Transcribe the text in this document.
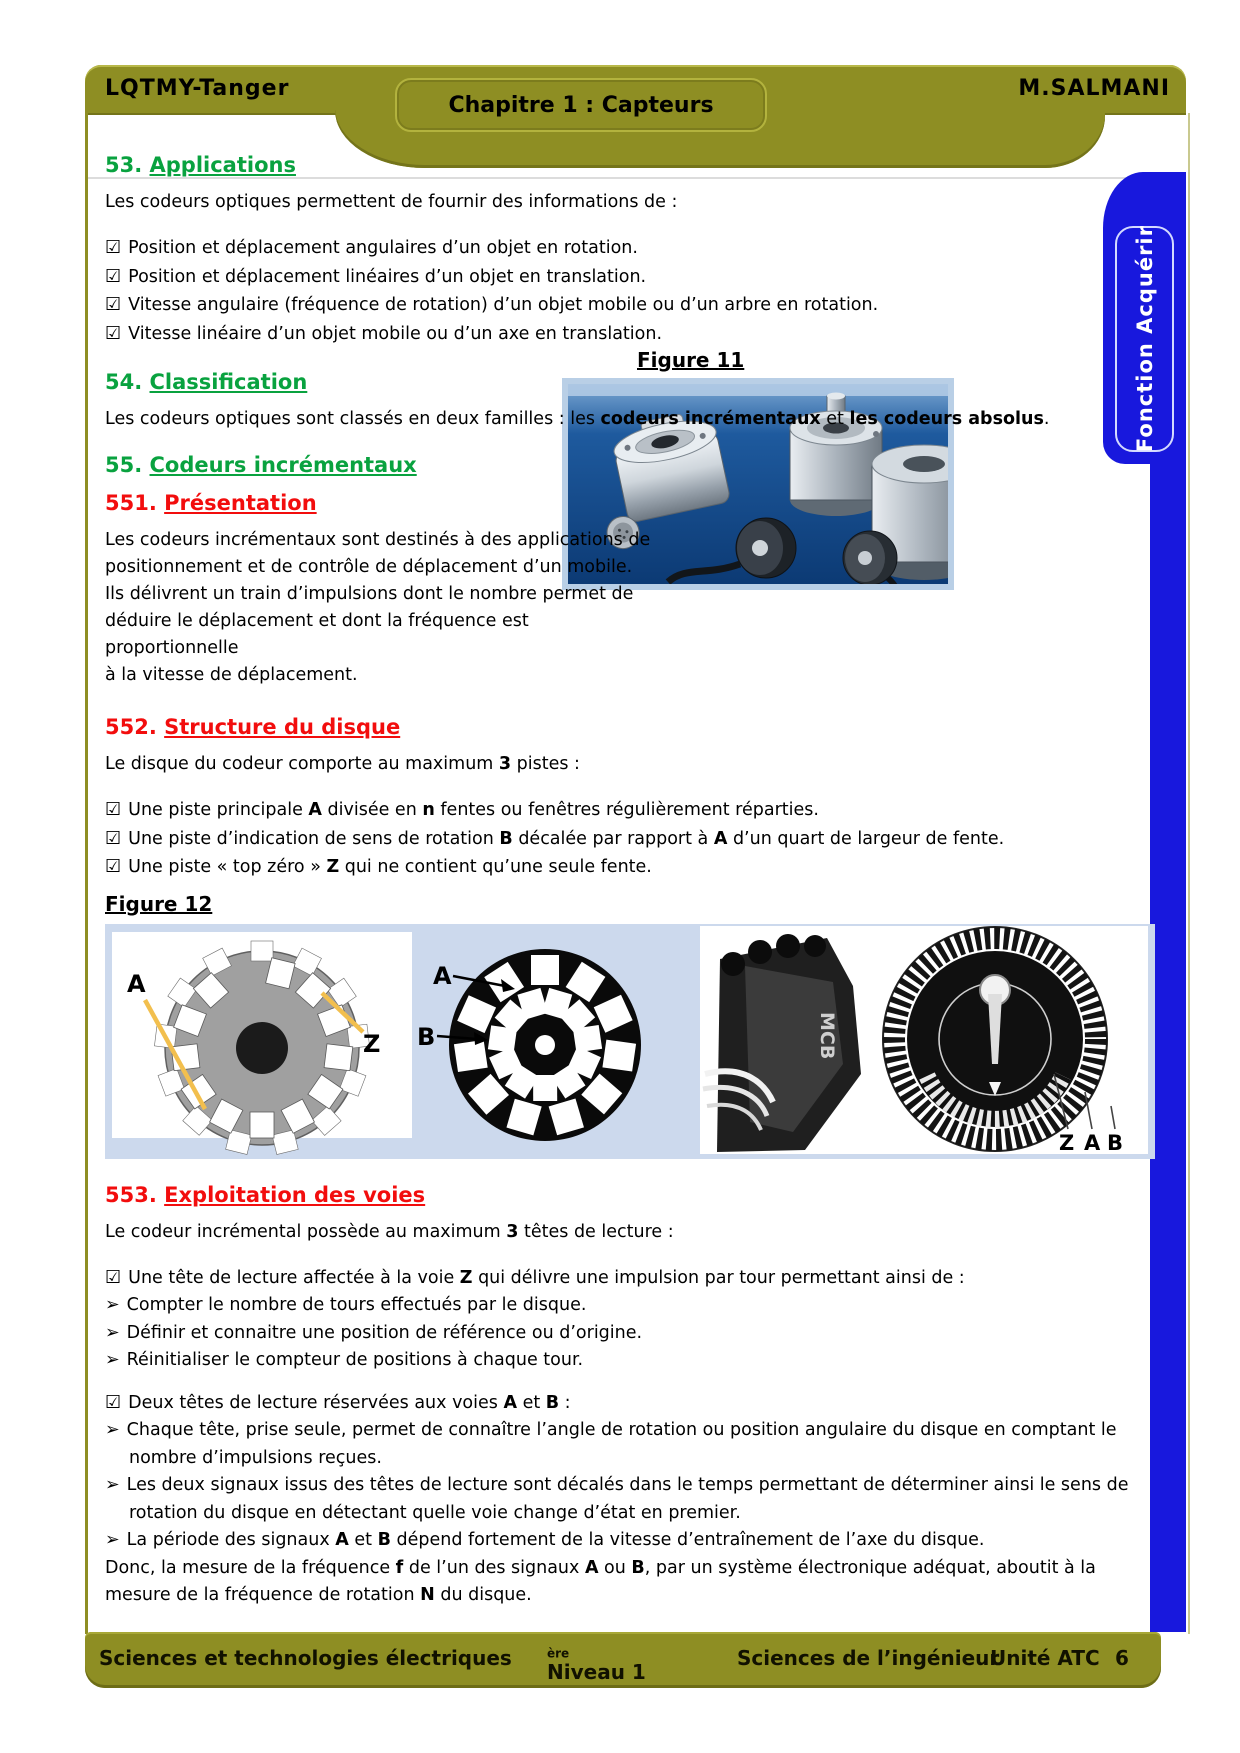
LQTMY-Tanger	M.SALMANI
Chapitre 1 : Capteurs
Fonction Acquérir
Figure 11
53. Applications
Les codeurs optiques permettent de fournir des informations de :
☑ Position et déplacement angulaires d’un objet en rotation.
☑ Position et déplacement linéaires d’un objet en translation.
☑ Vitesse angulaire (fréquence de rotation) d’un objet mobile ou d’un arbre en rotation.
☑ Vitesse linéaire d’un objet mobile ou d’un axe en translation.
54. Classification
Les codeurs optiques sont classés en deux familles : les codeurs incrémentaux et les codeurs absolus.
55. Codeurs incrémentaux
551. Présentation
Les codeurs incrémentaux sont destinés à des applications de
positionnement et de contrôle de déplacement d’un mobile.
Ils délivrent un train d’impulsions dont le nombre permet de
déduire le déplacement et dont la fréquence est proportionnelle
à la vitesse de déplacement.
552. Structure du disque
Le disque du codeur comporte au maximum 3 pistes :
☑ Une piste principale A divisée en n fentes ou fenêtres régulièrement réparties.
☑ Une piste d’indication de sens de rotation B décalée par rapport à A d’un quart de largeur de fente.
☑ Une piste « top zéro » Z qui ne contient qu’une seule fente.
Figure 12
A
Z
A
B	MCB
Z A B
553. Exploitation des voies
Le codeur incrémental possède au maximum 3 têtes de lecture :
☑ Une tête de lecture affectée à la voie Z qui délivre une impulsion par tour permettant ainsi de :
➢ Compter le nombre de tours effectués par le disque.
➢ Définir et connaitre une position de référence ou d’origine.
➢ Réinitialiser le compteur de positions à chaque tour.
☑ Deux têtes de lecture réservées aux voies A et B :
➢ Chaque tête, prise seule, permet de connaître l’angle de rotation ou position angulaire du disque en comptant le nombre d’impulsions reçues.
➢ Les deux signaux issus des têtes de lecture sont décalés dans le temps permettant de déterminer ainsi le sens de rotation du disque en détectant quelle voie change d’état en premier.
➢ La période des signaux A et B dépend fortement de la vitesse d’entraînement de l’axe du disque.
Donc, la mesure de la fréquence f de l’un des signaux A ou B, par un système électronique adéquat, aboutit à la mesure de la fréquence de rotation N du disque.
Sciences et technologies électriques
Niveau 1
$^{ère}$	Sciences de l’ingénieur
Unité ATC 6
